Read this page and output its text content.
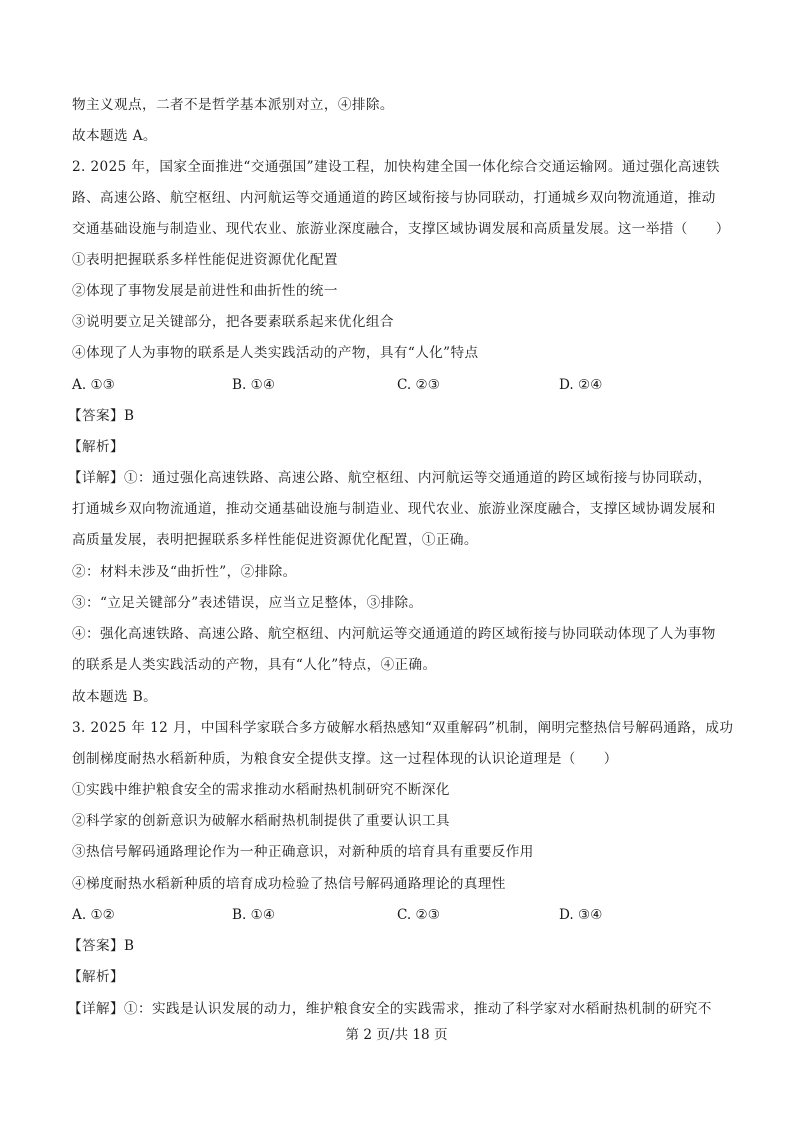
物主义观点，二者不是哲学基本派别对立，④排除。
故本题选 A。
2. 2025 年，国家全面推进“交通强国”建设工程，加快构建全国一体化综合交通运输网。通过强化高速铁
路、高速公路、航空枢纽、内河航运等交通通道的跨区域衔接与协同联动，打通城乡双向物流通道，推动
交通基础设施与制造业、现代农业、旅游业深度融合，支撑区域协调发展和高质量发展。这一举措（　　）
①表明把握联系多样性能促进资源优化配置
②体现了事物发展是前进性和曲折性的统一
③说明要立足关键部分，把各要素联系起来优化组合
④体现了人为事物的联系是人类实践活动的产物，具有“人化”特点
A. ①③	B. ①④	C. ②③	D. ②④
【答案】B
【解析】
【详解】①：通过强化高速铁路、高速公路、航空枢纽、内河航运等交通通道的跨区域衔接与协同联动，
打通城乡双向物流通道，推动交通基础设施与制造业、现代农业、旅游业深度融合，支撑区域协调发展和
高质量发展，表明把握联系多样性能促进资源优化配置，①正确。
②：材料未涉及“曲折性”，②排除。
③：“立足关键部分”表述错误，应当立足整体，③排除。
④：强化高速铁路、高速公路、航空枢纽、内河航运等交通通道的跨区域衔接与协同联动体现了人为事物
的联系是人类实践活动的产物，具有“人化”特点，④正确。
故本题选 B。
3. 2025 年 12 月，中国科学家联合多方破解水稻热感知“双重解码”机制，阐明完整热信号解码通路，成功
创制梯度耐热水稻新种质，为粮食安全提供支撑。这一过程体现的认识论道理是（　　）
①实践中维护粮食安全的需求推动水稻耐热机制研究不断深化
②科学家的创新意识为破解水稻耐热机制提供了重要认识工具
③热信号解码通路理论作为一种正确意识，对新种质的培育具有重要反作用
④梯度耐热水稻新种质的培育成功检验了热信号解码通路理论的真理性
A. ①②	B. ①④	C. ②③	D. ③④
【答案】B
【解析】
【详解】①：实践是认识发展的动力，维护粮食安全的实践需求，推动了科学家对水稻耐热机制的研究不
第 2 页/共 18 页
